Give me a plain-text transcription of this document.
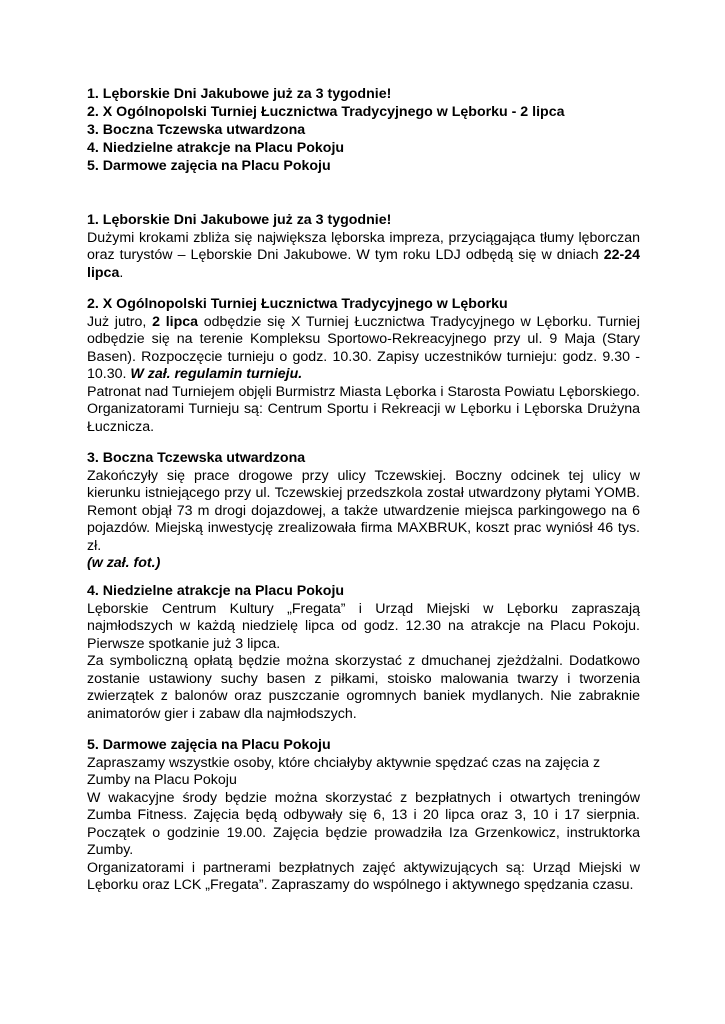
1. Lęborskie Dni Jakubowe już za 3 tygodnie!
2. X Ogólnopolski Turniej Łucznictwa Tradycyjnego w Lęborku - 2 lipca
3. Boczna Tczewska utwardzona
4. Niedzielne atrakcje na Placu Pokoju
5. Darmowe zajęcia na Placu Pokoju
1. Lęborskie Dni Jakubowe już za 3 tygodnie!

Dużymi krokami zbliża się największa lęborska impreza, przyciągająca tłumy lęborczan oraz turystów – Lęborskie Dni Jakubowe. W tym roku LDJ odbędą się w dniach 22-24 lipca.

2. X Ogólnopolski Turniej Łucznictwa Tradycyjnego w Lęborku

Już jutro, 2 lipca odbędzie się X Turniej Łucznictwa Tradycyjnego w Lęborku. Turniej odbędzie się na terenie Kompleksu Sportowo-Rekreacyjnego przy ul. 9 Maja (Stary Basen). Rozpoczęcie turnieju o godz. 10.30. Zapisy uczestników turnieju: godz. 9.30 - 10.30. W zał. regulamin turnieju.

Patronat nad Turniejem objęli Burmistrz Miasta Lęborka i Starosta Powiatu Lęborskiego. Organizatorami Turnieju są: Centrum Sportu i Rekreacji w Lęborku i Lęborska Drużyna Łucznicza.

3. Boczna Tczewska utwardzona

Zakończyły się prace drogowe przy ulicy Tczewskiej. Boczny odcinek tej ulicy w kierunku istniejącego przy ul. Tczewskiej przedszkola został utwardzony płytami YOMB. Remont objął 73 m drogi dojazdowej, a także utwardzenie miejsca parkingowego na 6 pojazdów. Miejską inwestycję zrealizowała firma MAXBRUK, koszt prac wyniósł 46 tys. zł.

(w zał. fot.)

4. Niedzielne atrakcje na Placu Pokoju

Lęborskie Centrum Kultury „Fregata” i Urząd Miejski w Lęborku zapraszają najmłodszych w każdą niedzielę lipca od godz. 12.30 na atrakcje na Placu Pokoju. Pierwsze spotkanie już 3 lipca.

Za symboliczną opłatą będzie można skorzystać z dmuchanej zjeżdżalni. Dodatkowo zostanie ustawiony suchy basen z piłkami, stoisko malowania twarzy i tworzenia zwierzątek z balonów oraz puszczanie ogromnych baniek mydlanych. Nie zabraknie animatorów gier i zabaw dla najmłodszych.

5. Darmowe zajęcia na Placu Pokoju

Zapraszamy wszystkie osoby, które chciałyby aktywnie spędzać czas na zajęcia z Zumby na Placu Pokoju

W wakacyjne środy będzie można skorzystać z bezpłatnych i otwartych treningów Zumba Fitness. Zajęcia będą odbywały się 6, 13 i 20 lipca oraz 3, 10 i 17 sierpnia. Początek o godzinie 19.00. Zajęcia będzie prowadziła Iza Grzenkowicz, instruktorka Zumby.

Organizatorami i partnerami bezpłatnych zajęć aktywizujących są: Urząd Miejski w Lęborku oraz LCK „Fregata”. Zapraszamy do wspólnego i aktywnego spędzania czasu.
